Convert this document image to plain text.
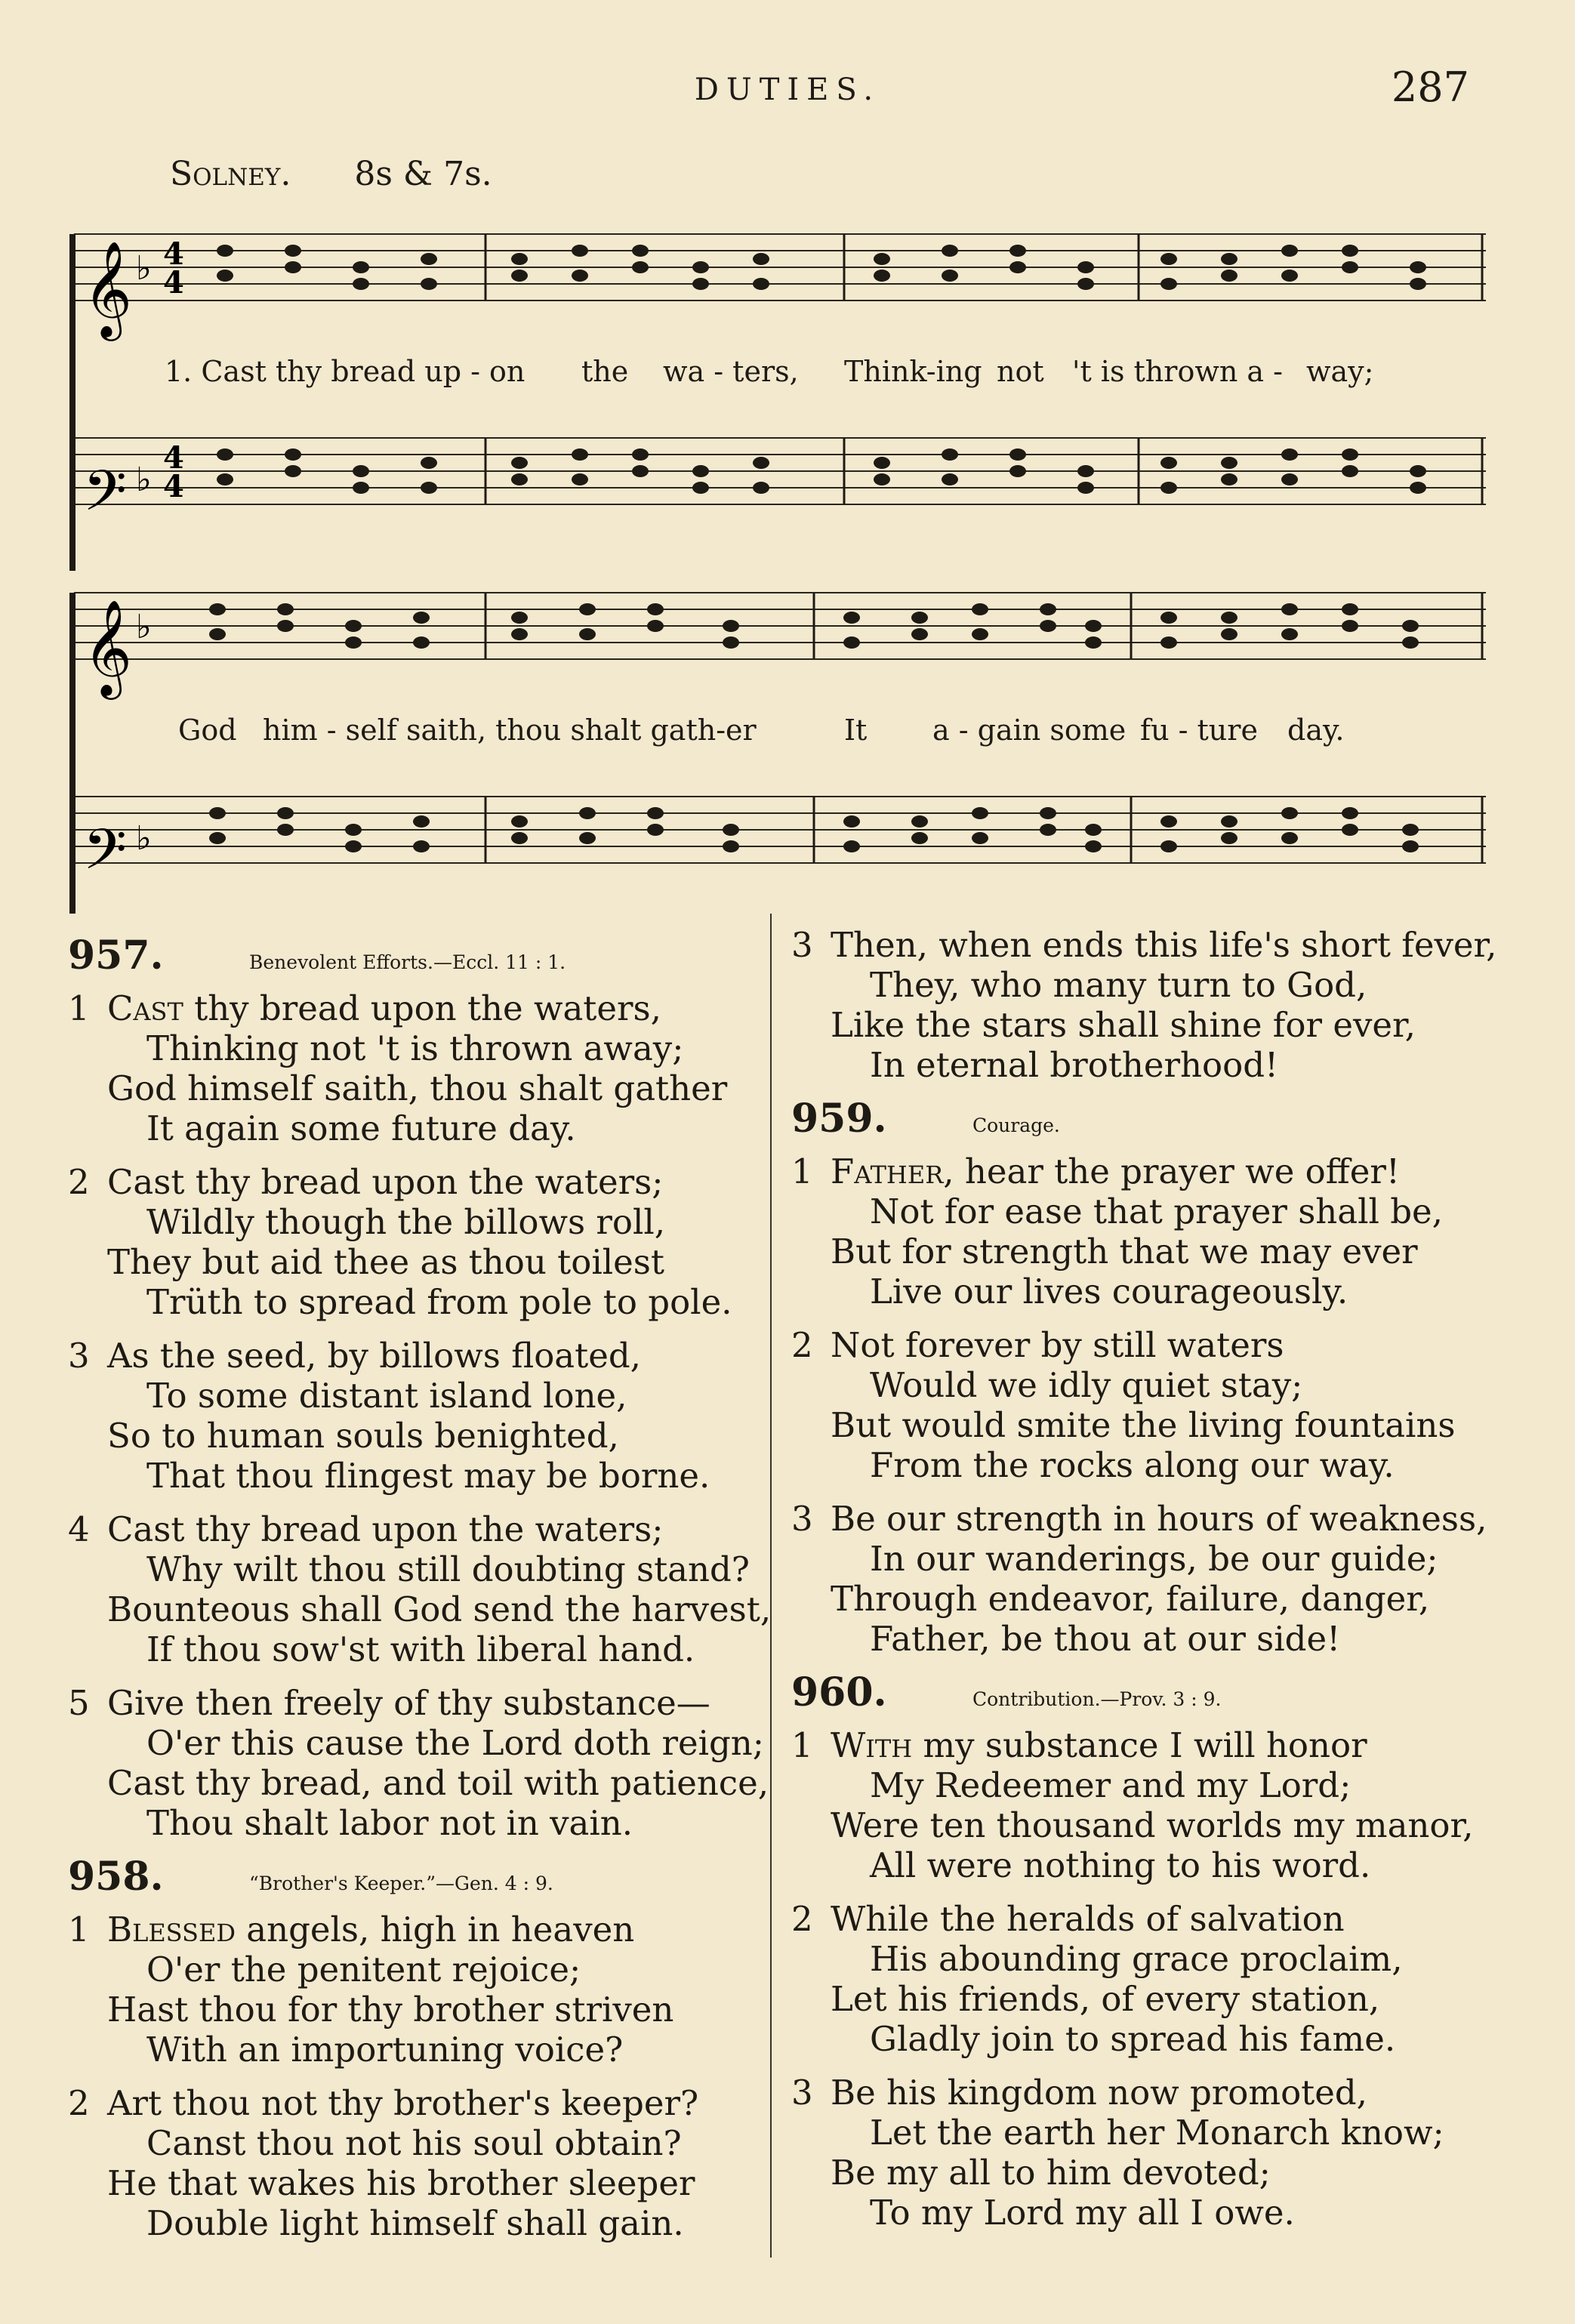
DUTIES.	287
Solney. 8s & 7s.
𝄞
𝄢
𝄞
𝄢
♭
♭
♭
♭
4
4
4
4
1. Cast thy bread up - on the wa - ters, Think-ing not 't is thrown a - way;
God him - self saith, thou shalt gath-er	It a - gain some fu - ture day.
957.	Benevolent Efforts.—Eccl. 11 : 1.
1 Cast thy bread upon the waters,
Thinking not 't is thrown away;
God himself saith, thou shalt gather
It again some future day.
2 Cast thy bread upon the waters;
Wildly though the billows roll,
They but aid thee as thou toilest
Trüth to spread from pole to pole.
3 As the seed, by billows floated,
To some distant island lone,
So to human souls benighted,
That thou flingest may be borne.
4 Cast thy bread upon the waters;
Why wilt thou still doubting stand?
Bounteous shall God send the harvest,
If thou sow'st with liberal hand.
5 Give then freely of thy substance—
O'er this cause the Lord doth reign;
Cast thy bread, and toil with patience,
Thou shalt labor not in vain.
958.	“Brother's Keeper.”—Gen. 4 : 9.
1 Blessed angels, high in heaven
O'er the penitent rejoice;
Hast thou for thy brother striven
With an importuning voice?
2 Art thou not thy brother's keeper?
Canst thou not his soul obtain?
He that wakes his brother sleeper
Double light himself shall gain.
3 Then, when ends this life's short fever,
They, who many turn to God,
Like the stars shall shine for ever,
In eternal brotherhood!
959.	Courage.
1 Father, hear the prayer we offer!
Not for ease that prayer shall be,
But for strength that we may ever
Live our lives courageously.
2 Not forever by still waters
Would we idly quiet stay;
But would smite the living fountains
From the rocks along our way.
3 Be our strength in hours of weakness,
In our wanderings, be our guide;
Through endeavor, failure, danger,
Father, be thou at our side!
960.	Contribution.—Prov. 3 : 9.
1 With my substance I will honor
My Redeemer and my Lord;
Were ten thousand worlds my manor,
All were nothing to his word.
2 While the heralds of salvation
His abounding grace proclaim,
Let his friends, of every station,
Gladly join to spread his fame.
3 Be his kingdom now promoted,
Let the earth her Monarch know;
Be my all to him devoted;
To my Lord my all I owe.
